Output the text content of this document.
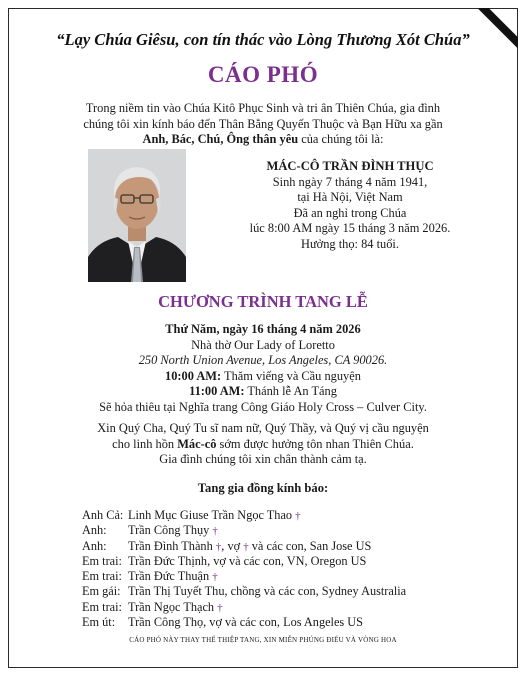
“Lạy Chúa Giêsu, con tín thác vào Lòng Thương Xót Chúa”
CÁO PHÓ
Trong niềm tin vào Chúa Kitô Phục Sinh và tri ân Thiên Chúa, gia đình
chúng tôi xin kính báo đến Thân Bằng Quyến Thuộc và Bạn Hữu xa gần
Anh, Bác, Chú, Ông thân yêu của chúng tôi là:
MÁC-CÔ TRẦN ĐÌNH THỤC
Sinh ngày 7 tháng 4 năm 1941,
tại Hà Nội, Việt Nam
Đã an nghỉ trong Chúa
lúc 8:00 AM ngày 15 tháng 3 năm 2026.
Hưởng thọ: 84 tuổi.
CHƯƠNG TRÌNH TANG LỄ
Thứ Năm, ngày 16 tháng 4 năm 2026
Nhà thờ Our Lady of Loretto
250 North Union Avenue, Los Angeles, CA 90026.
10:00 AM: Thăm viếng và Cầu nguyện
11:00 AM: Thánh lễ An Táng
Sẽ hỏa thiêu tại Nghĩa trang Công Giáo Holy Cross – Culver City.
Xin Quý Cha, Quý Tu sĩ nam nữ, Quý Thầy, và Quý vị cầu nguyện
cho linh hồn Mác-cô sớm được hưởng tôn nhan Thiên Chúa.
Gia đình chúng tôi xin chân thành cảm tạ.
Tang gia đồng kính báo:
Anh Cả: Linh Mục Giuse Trần Ngọc Thao †
Anh: Trần Công Thụy †
Anh: Trần Đình Thành †, vợ † và các con, San Jose US
Em trai: Trần Đức Thịnh, vợ và các con, VN, Oregon US
Em trai: Trần Đức Thuận †
Em gái: Trần Thị Tuyết Thu, chồng và các con, Sydney Australia
Em trai: Trần Ngọc Thạch †
Em út: Trần Công Thọ, vợ và các con, Los Angeles US
CÁO PHÓ NÀY THAY THẾ THIỆP TANG, XIN MIỄN PHÚNG ĐIẾU VÀ VÒNG HOA
